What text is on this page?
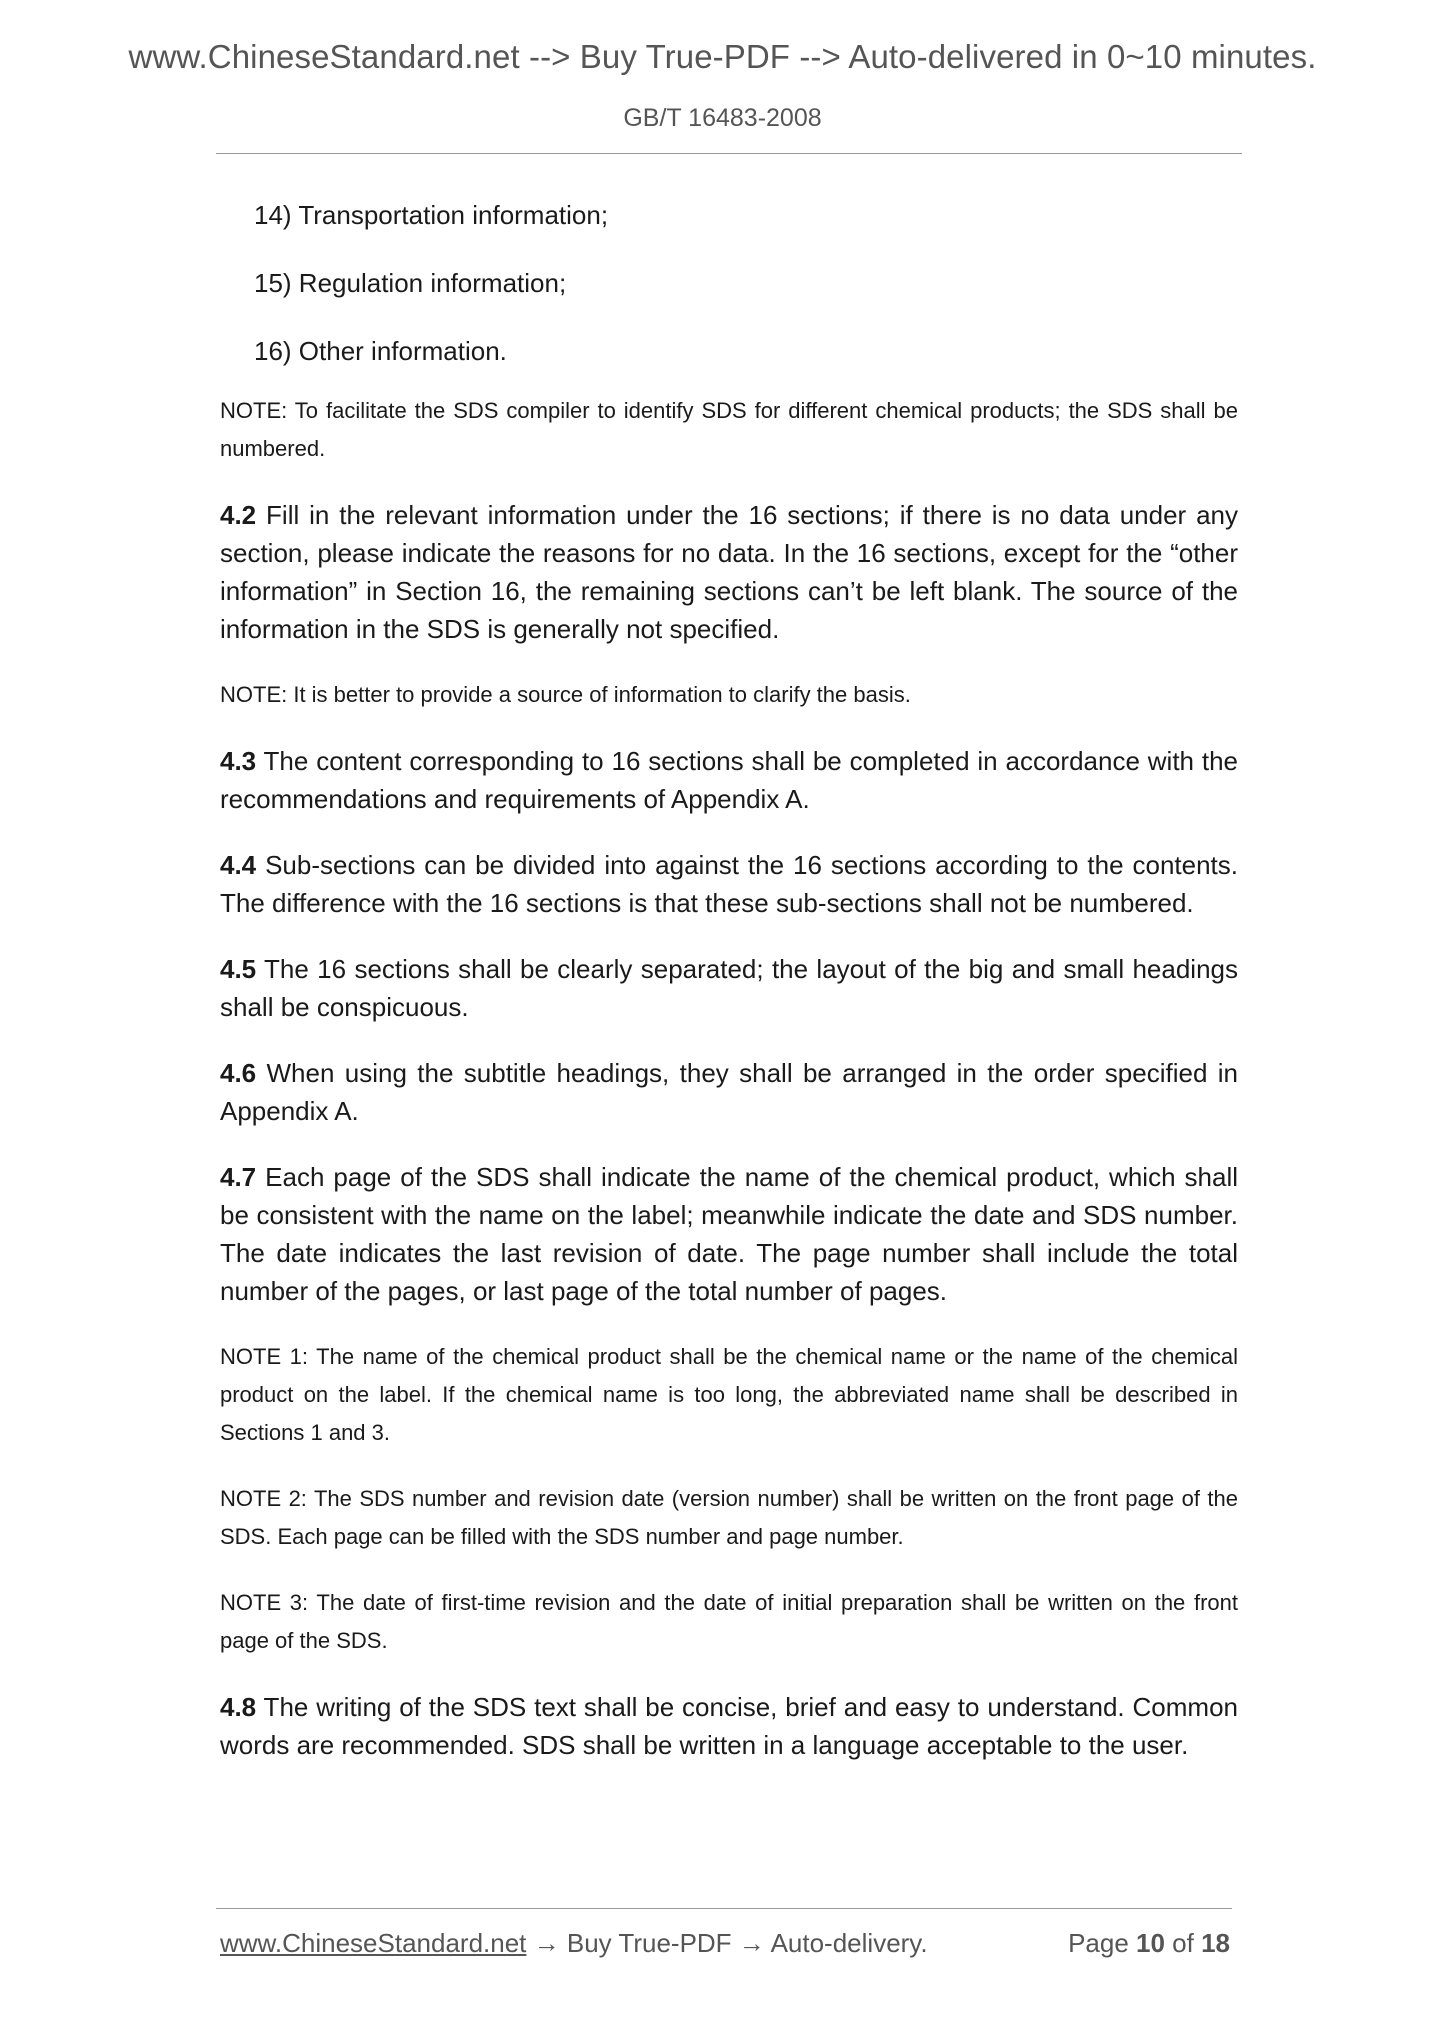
www.ChineseStandard.net --> Buy True-PDF --> Auto-delivered in 0~10 minutes.
GB/T 16483-2008
14) Transportation information;
15) Regulation information;
16) Other information.
NOTE: To facilitate the SDS compiler to identify SDS for different chemical products; the SDS shall be numbered.
4.2 Fill in the relevant information under the 16 sections; if there is no data under any section, please indicate the reasons for no data. In the 16 sections, except for the “other information” in Section 16, the remaining sections can’t be left blank. The source of the information in the SDS is generally not specified.
NOTE: It is better to provide a source of information to clarify the basis.
4.3 The content corresponding to 16 sections shall be completed in accordance with the recommendations and requirements of Appendix A.
4.4 Sub-sections can be divided into against the 16 sections according to the contents. The difference with the 16 sections is that these sub-sections shall not be numbered.
4.5 The 16 sections shall be clearly separated; the layout of the big and small headings shall be conspicuous.
4.6 When using the subtitle headings, they shall be arranged in the order specified in Appendix A.
4.7 Each page of the SDS shall indicate the name of the chemical product, which shall be consistent with the name on the label; meanwhile indicate the date and SDS number. The date indicates the last revision of date. The page number shall include the total number of the pages, or last page of the total number of pages.
NOTE 1: The name of the chemical product shall be the chemical name or the name of the chemical product on the label. If the chemical name is too long, the abbreviated name shall be described in Sections 1 and 3.
NOTE 2: The SDS number and revision date (version number) shall be written on the front page of the SDS. Each page can be filled with the SDS number and page number.
NOTE 3: The date of first-time revision and the date of initial preparation shall be written on the front page of the SDS.
4.8 The writing of the SDS text shall be concise, brief and easy to understand. Common words are recommended. SDS shall be written in a language acceptable to the user.
www.ChineseStandard.net → Buy True-PDF → Auto-delivery.	Page 10 of 18
